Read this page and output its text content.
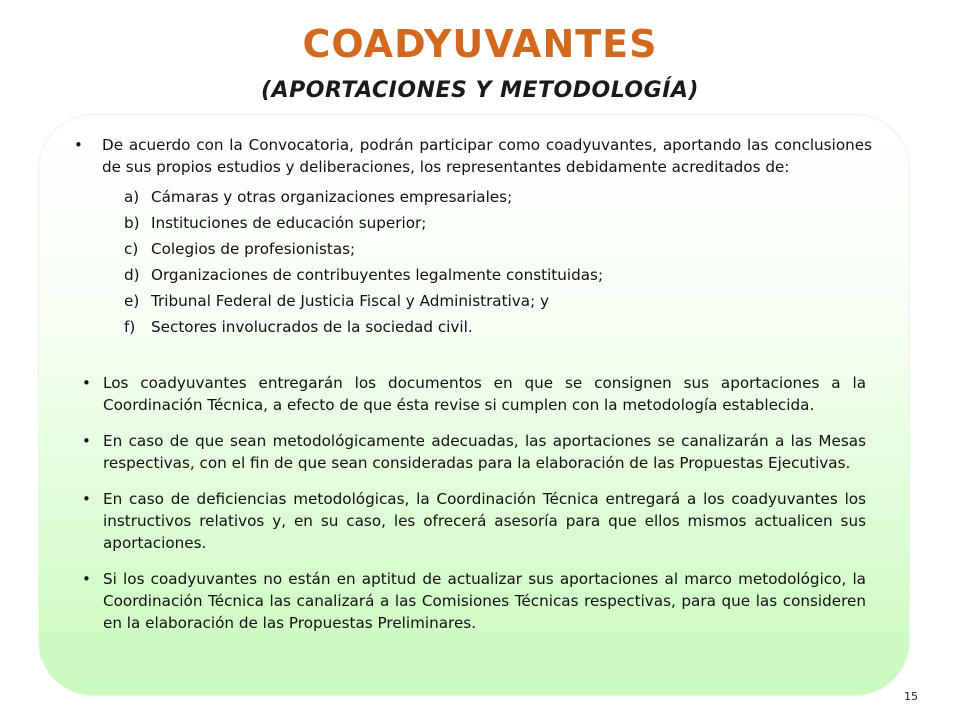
COADYUVANTES
(APORTACIONES Y METODOLOGÍA)
• De acuerdo con la Convocatoria, podrán participar como coadyuvantes, aportando las conclusiones de sus propios estudios y deliberaciones, los representantes debidamente acreditados de:
a) Cámaras y otras organizaciones empresariales;
b) Instituciones de educación superior;
c) Colegios de profesionistas;
d) Organizaciones de contribuyentes legalmente constituidas;
e) Tribunal Federal de Justicia Fiscal y Administrativa; y
f)	Sectores involucrados de la sociedad civil.
• Los coadyuvantes entregarán los documentos en que se consignen sus aportaciones a la Coordinación Técnica, a efecto de que ésta revise si cumplen con la metodología establecida.
• En caso de que sean metodológicamente adecuadas, las aportaciones se canalizarán a las Mesas respectivas, con el fin de que sean consideradas para la elaboración de las Propuestas Ejecutivas.
• En caso de deficiencias metodológicas, la Coordinación Técnica entregará a los coadyuvantes los instructivos relativos y, en su caso, les ofrecerá asesoría para que ellos mismos actualicen sus aportaciones.
• Si los coadyuvantes no están en aptitud de actualizar sus aportaciones al marco metodológico, la Coordinación Técnica las canalizará a las Comisiones Técnicas respectivas, para que las consideren en la elaboración de las Propuestas Preliminares.
15
